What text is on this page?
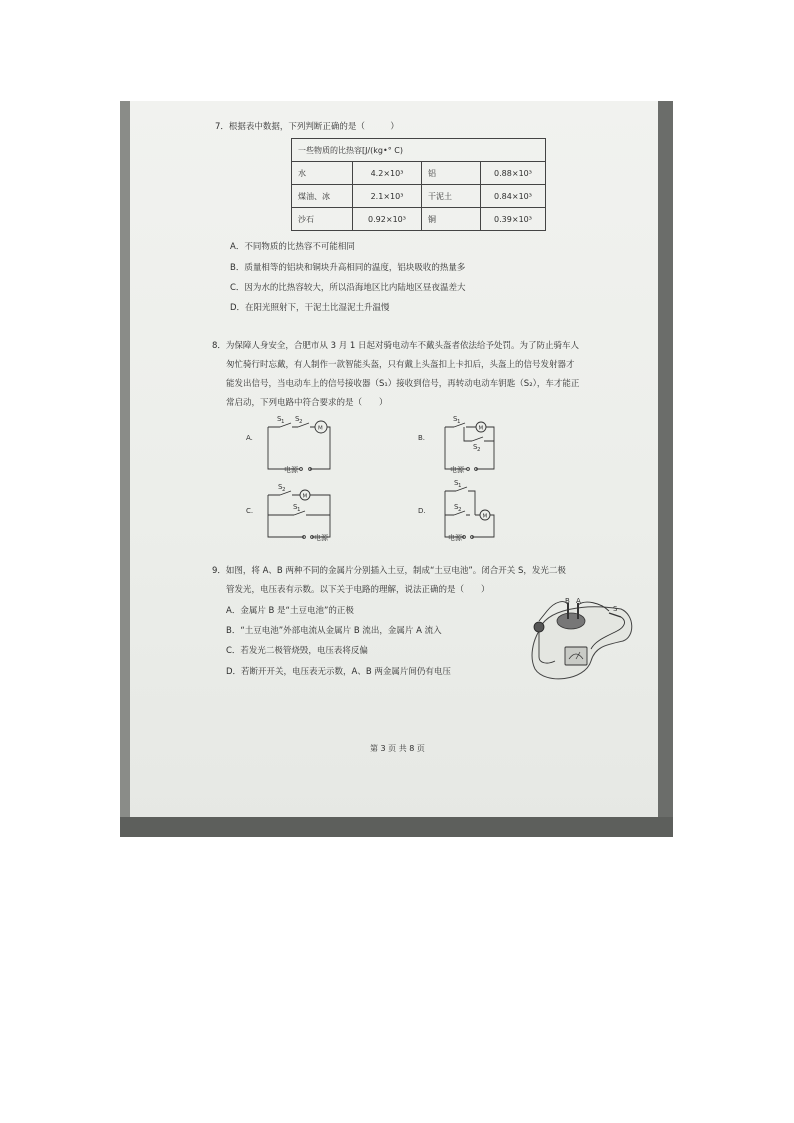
7．根据表中数据，下列判断正确的是（　　　）
一些物质的比热容[J/(kg•° C)			
水	4.2×10³	铝	0.88×10³
煤油、冰	2.1×10³	干泥土	0.84×10³
沙石	0.92×10³	铜	0.39×10³
A．不同物质的比热容不可能相同
B．质量相等的铝块和铜块升高相同的温度，铝块吸收的热量多
C．因为水的比热容较大，所以沿海地区比内陆地区昼夜温差大
D．在阳光照射下，干泥土比湿泥土升温慢
8．为保障人身安全，合肥市从 3 月 1 日起对骑电动车不戴头盔者依法给予处罚。为了防止骑车人
匆忙骑行时忘戴，有人制作一款智能头盔，只有戴上头盔扣上卡扣后，头盔上的信号发射器才
能发出信号，当电动车上的信号接收器（S₁）接收到信号，再转动电动车钥匙（S₂），车才能正
常启动，下列电路中符合要求的是（　　）
A.
S 1 S 2
M
电源
B.
S 1
S 2
M
电源
C.
S 2
S 1
M
电源
D.
S 1
S 2
M
电源
9．如图，将 A、B 两种不同的金属片分别插入土豆，制成“土豆电池”。闭合开关 S，发光二极
管发光，电压表有示数。以下关于电路的理解，说法正确的是（　　）
A．金属片 B 是“土豆电池”的正极
B．“土豆电池”外部电流从金属片 B 流出，金属片 A 流入
C．若发光二极管烧毁，电压表将反偏
D．若断开开关，电压表无示数，A、B 两金属片间仍有电压
B A
S
第 3 页 共 8 页
